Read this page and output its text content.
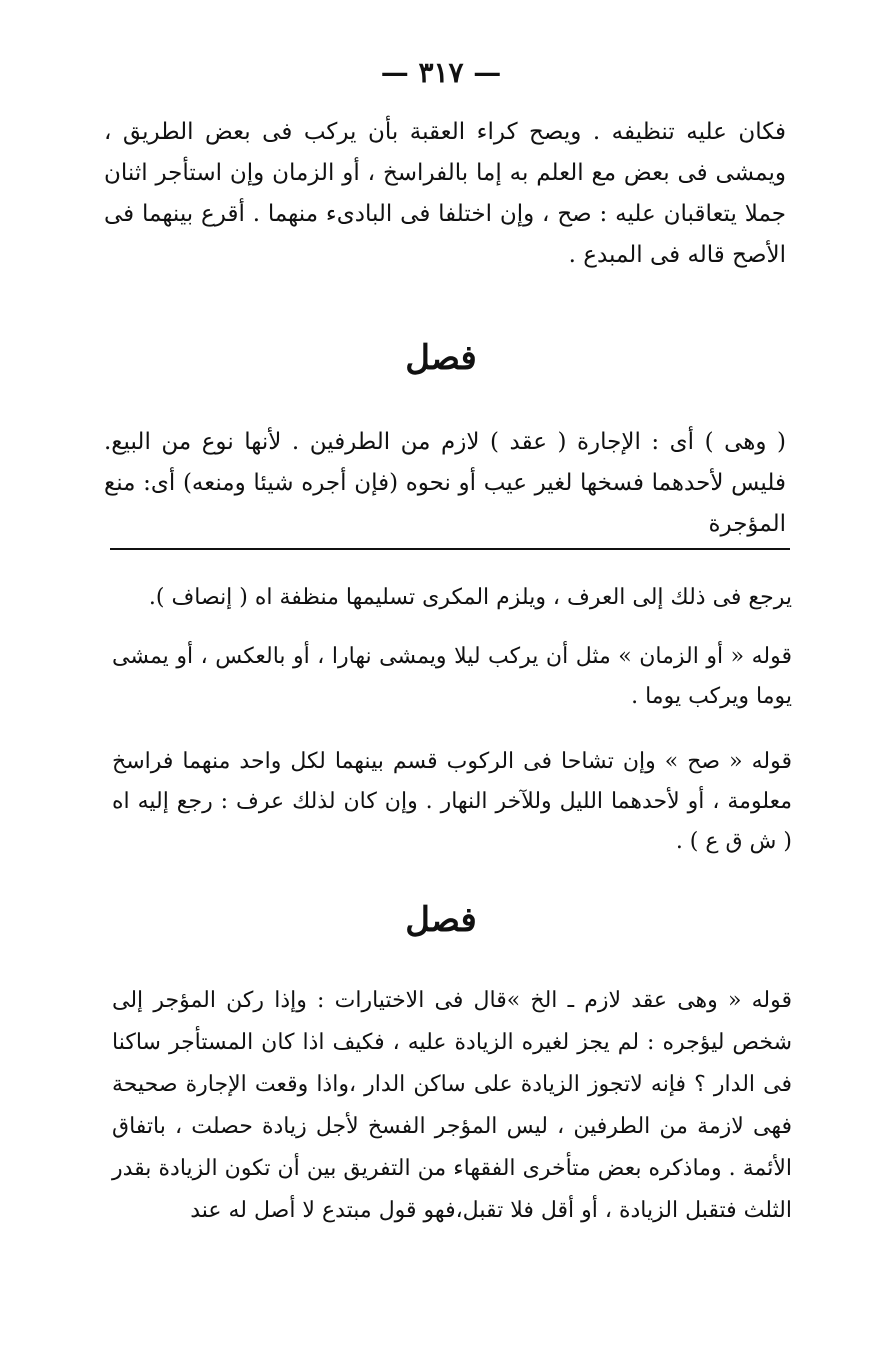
— ٣١٧ —
فكان عليه تنظيفه . ويصح كراء العقبة بأن يركب فى بعض الطريق ، ويمشى فى بعض مع العلم به إما بالفراسخ ، أو الزمان وإن استأجر اثنان جملا يتعاقبان عليه : صح ، وإن اختلفا فى البادىء منهما . أقرع بينهما فى الأصح قاله فى المبدع .
فصل
( وهى ) أى : الإجارة ( عقد ) لازم من الطرفين . لأنها نوع من البيع. فليس لأحدهما فسخها لغير عيب أو نحوه (فإن أجره شيئا ومنعه) أى: منع المؤجرة
يرجع فى ذلك إلى العرف ، ويلزم المكرى تسليمها منظفة اه ( إنصاف ).
قوله « أو الزمان » مثل أن يركب ليلا ويمشى نهارا ، أو بالعكس ، أو يمشى يوما ويركب يوما .
قوله « صح » وإن تشاحا فى الركوب قسم بينهما لكل واحد منهما فراسخ معلومة ، أو لأحدهما الليل وللآخر النهار . وإن كان لذلك عرف : رجع إليه اه ( ش ق ع ) .
فصل
قوله « وهى عقد لازم ـ الخ »قال فى الاختيارات : وإذا ركن المؤجر إلى شخص ليؤجره : لم يجز لغيره الزيادة عليه ، فكيف اذا كان المستأجر ساكنا فى الدار ؟ فإنه لاتجوز الزيادة على ساكن الدار ،واذا وقعت الإجارة صحيحة فهى لازمة من الطرفين ، ليس المؤجر الفسخ لأجل زيادة حصلت ، باتفاق الأئمة . وماذكره بعض متأخرى الفقهاء من التفريق بين أن تكون الزيادة بقدر الثلث فتقبل الزيادة ، أو أقل فلا تقبل،فهو قول مبتدع لا أصل له عند
